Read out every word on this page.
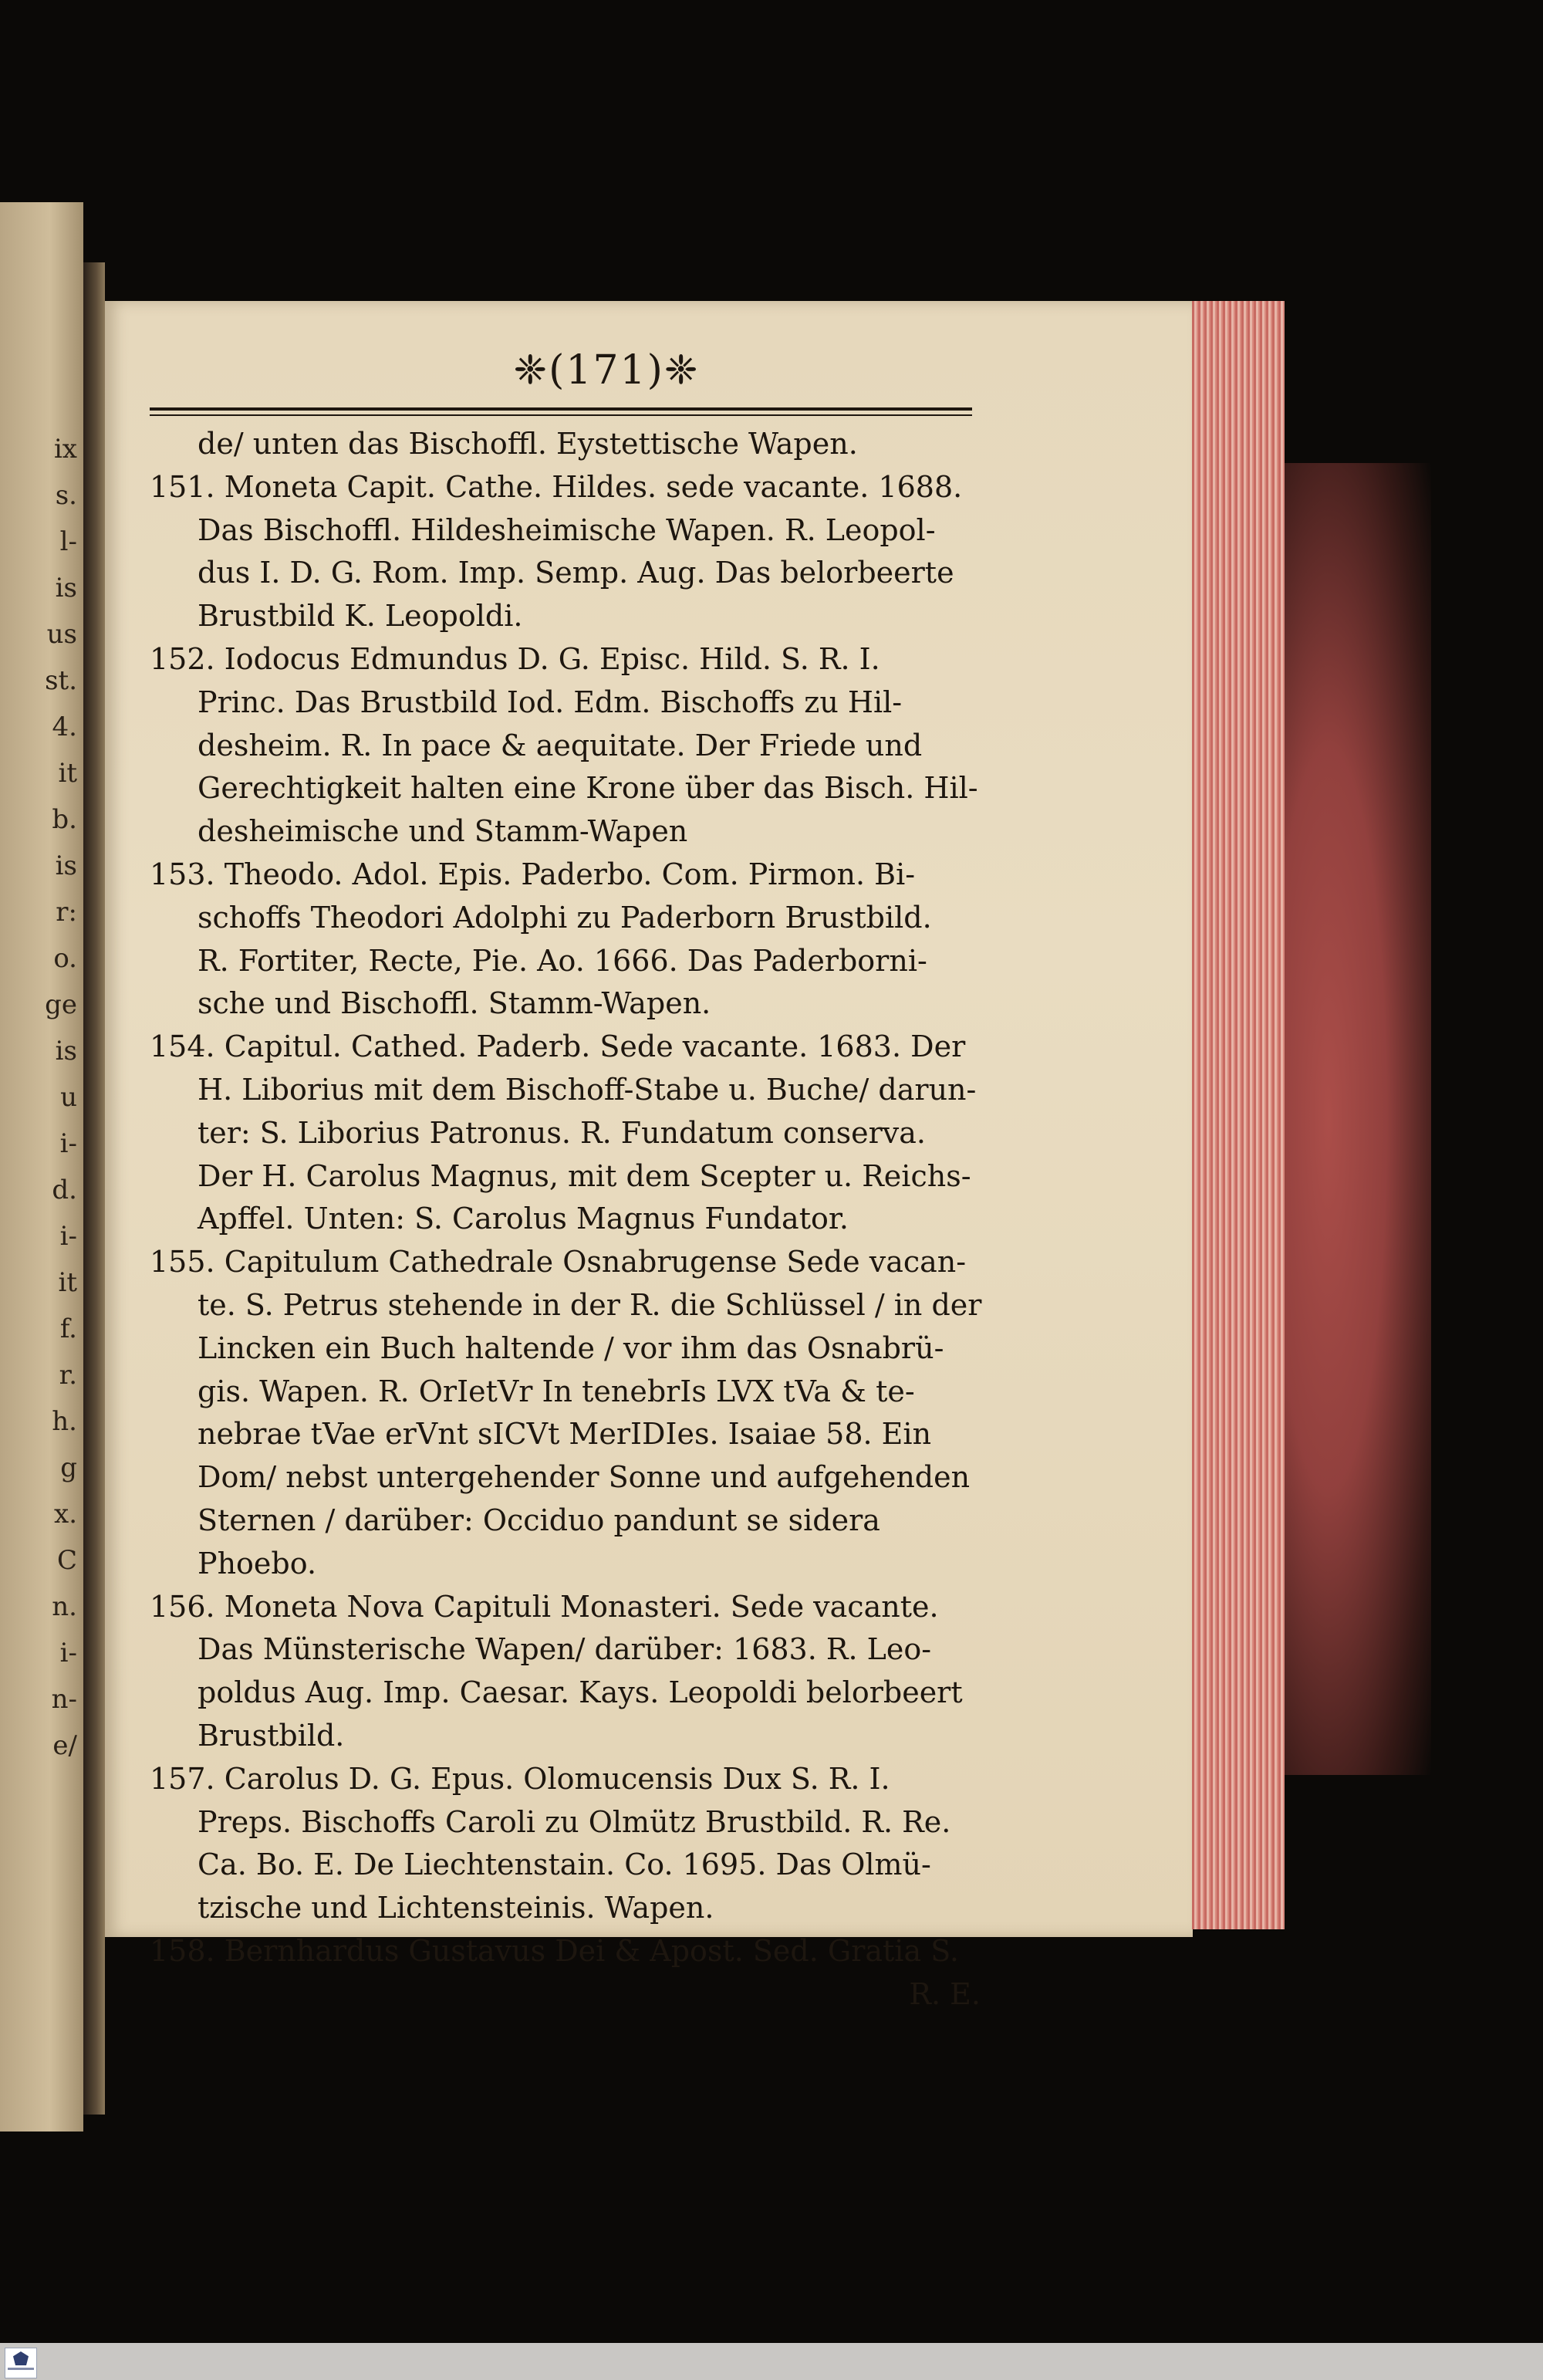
ix
s.
l-
is
us
st.
4.
it
b.
is
r:
o.
ge
is
u
i-
d.
i-
it
f.
r.
h.
g
x.
C
n.
i-
n-
e/
❈(171)❈
de/ unten das Bischoffl. Eystettische Wapen.
151. Moneta Capit. Cathe. Hildes. sede vacante. 1688.
Das Bischoffl. Hildesheimische Wapen. R. Leopol-
dus I. D. G. Rom. Imp. Semp. Aug. Das belorbeerte
Brustbild K. Leopoldi.
152. Iodocus Edmundus D. G. Episc. Hild. S. R. I.
Princ. Das Brustbild Iod. Edm. Bischoffs zu Hil-
desheim. R. In pace & aequitate. Der Friede und
Gerechtigkeit halten eine Krone über das Bisch. Hil-
desheimische und Stamm-Wapen
153. Theodo. Adol. Epis. Paderbo. Com. Pirmon. Bi-
schoffs Theodori Adolphi zu Paderborn Brustbild.
R. Fortiter, Recte, Pie. Ao. 1666. Das Paderborni-
sche und Bischoffl. Stamm-Wapen.
154. Capitul. Cathed. Paderb. Sede vacante. 1683. Der
H. Liborius mit dem Bischoff-Stabe u. Buche/ darun-
ter: S. Liborius Patronus. R. Fundatum conserva.
Der H. Carolus Magnus, mit dem Scepter u. Reichs-
Apffel. Unten: S. Carolus Magnus Fundator.
155. Capitulum Cathedrale Osnabrugense Sede vacan-
te. S. Petrus stehende in der R. die Schlüssel / in der
Lincken ein Buch haltende / vor ihm das Osnabrü-
gis. Wapen. R. OrIetVr In tenebrIs LVX tVa & te-
nebrae tVae erVnt sICVt MerIDIes. Isaiae 58. Ein
Dom/ nebst untergehender Sonne und aufgehenden
Sternen / darüber: Occiduo pandunt se sidera
Phoebo.
156. Moneta Nova Capituli Monasteri. Sede vacante.
Das Münsterische Wapen/ darüber: 1683. R. Leo-
poldus Aug. Imp. Caesar. Kays. Leopoldi belorbeert
Brustbild.
157. Carolus D. G. Epus. Olomucensis Dux S. R. I.
Preps. Bischoffs Caroli zu Olmütz Brustbild. R. Re.
Ca. Bo. E. De Liechtenstain. Co. 1695. Das Olmü-
tzische und Lichtensteinis. Wapen.
158. Bernhardus Gustavus Dei & Apost. Sed. Gratia S.
R. E.
